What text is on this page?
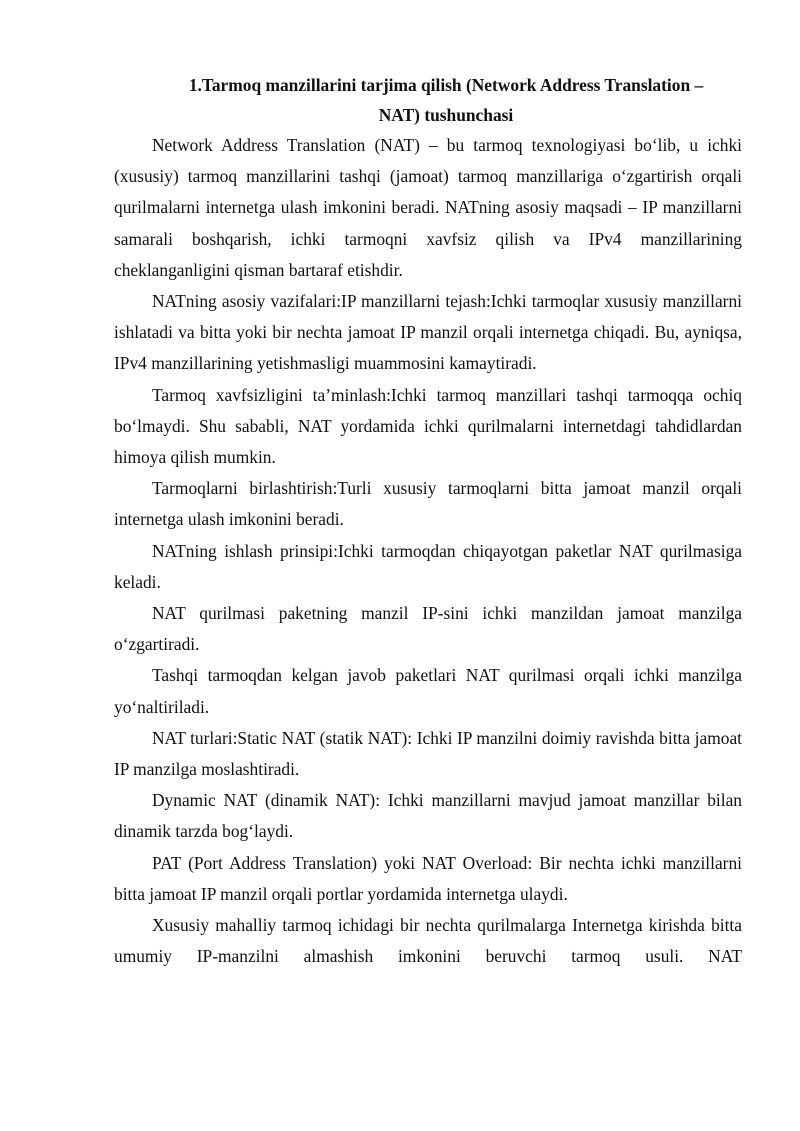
1.Tarmoq manzillarini tarjima qilish (Network Address Translation –
NAT) tushunchasi

Network Address Translation (NAT) – bu tarmoq texnologiyasi bo‘lib, u ichki (xususiy) tarmoq manzillarini tashqi (jamoat) tarmoq manzillariga o‘zgartirish orqali qurilmalarni internetga ulash imkonini beradi. NATning asosiy maqsadi – IP manzillarni samarali boshqarish, ichki tarmoqni xavfsiz qilish va IPv4 manzillarining cheklanganligini qisman bartaraf etishdir.

NATning asosiy vazifalari:IP manzillarni tejash:Ichki tarmoqlar xususiy manzillarni ishlatadi va bitta yoki bir nechta jamoat IP manzil orqali internetga chiqadi. Bu, ayniqsa, IPv4 manzillarining yetishmasligi muammosini kamaytiradi.

Tarmoq xavfsizligini ta’minlash:Ichki tarmoq manzillari tashqi tarmoqqa ochiq bo‘lmaydi. Shu sababli, NAT yordamida ichki qurilmalarni internetdagi tahdidlardan himoya qilish mumkin.

Tarmoqlarni birlashtirish:Turli xususiy tarmoqlarni bitta jamoat manzil orqali internetga ulash imkonini beradi.

NATning ishlash prinsipi:Ichki tarmoqdan chiqayotgan paketlar NAT qurilmasiga keladi.

NAT qurilmasi paketning manzil IP-sini ichki manzildan jamoat manzilga o‘zgartiradi.

Tashqi tarmoqdan kelgan javob paketlari NAT qurilmasi orqali ichki manzilga yo‘naltiriladi.

NAT turlari:Static NAT (statik NAT): Ichki IP manzilni doimiy ravishda bitta jamoat IP manzilga moslashtiradi.

Dynamic NAT (dinamik NAT): Ichki manzillarni mavjud jamoat manzillar bilan dinamik tarzda bog‘laydi.

PAT (Port Address Translation) yoki NAT Overload: Bir nechta ichki manzillarni bitta jamoat IP manzil orqali portlar yordamida internetga ulaydi.

Xususiy mahalliy tarmoq ichidagi bir nechta qurilmalarga Internetga kirishda bitta umumiy IP-manzilni almashish imkonini beruvchi tarmoq usuli. NAT
